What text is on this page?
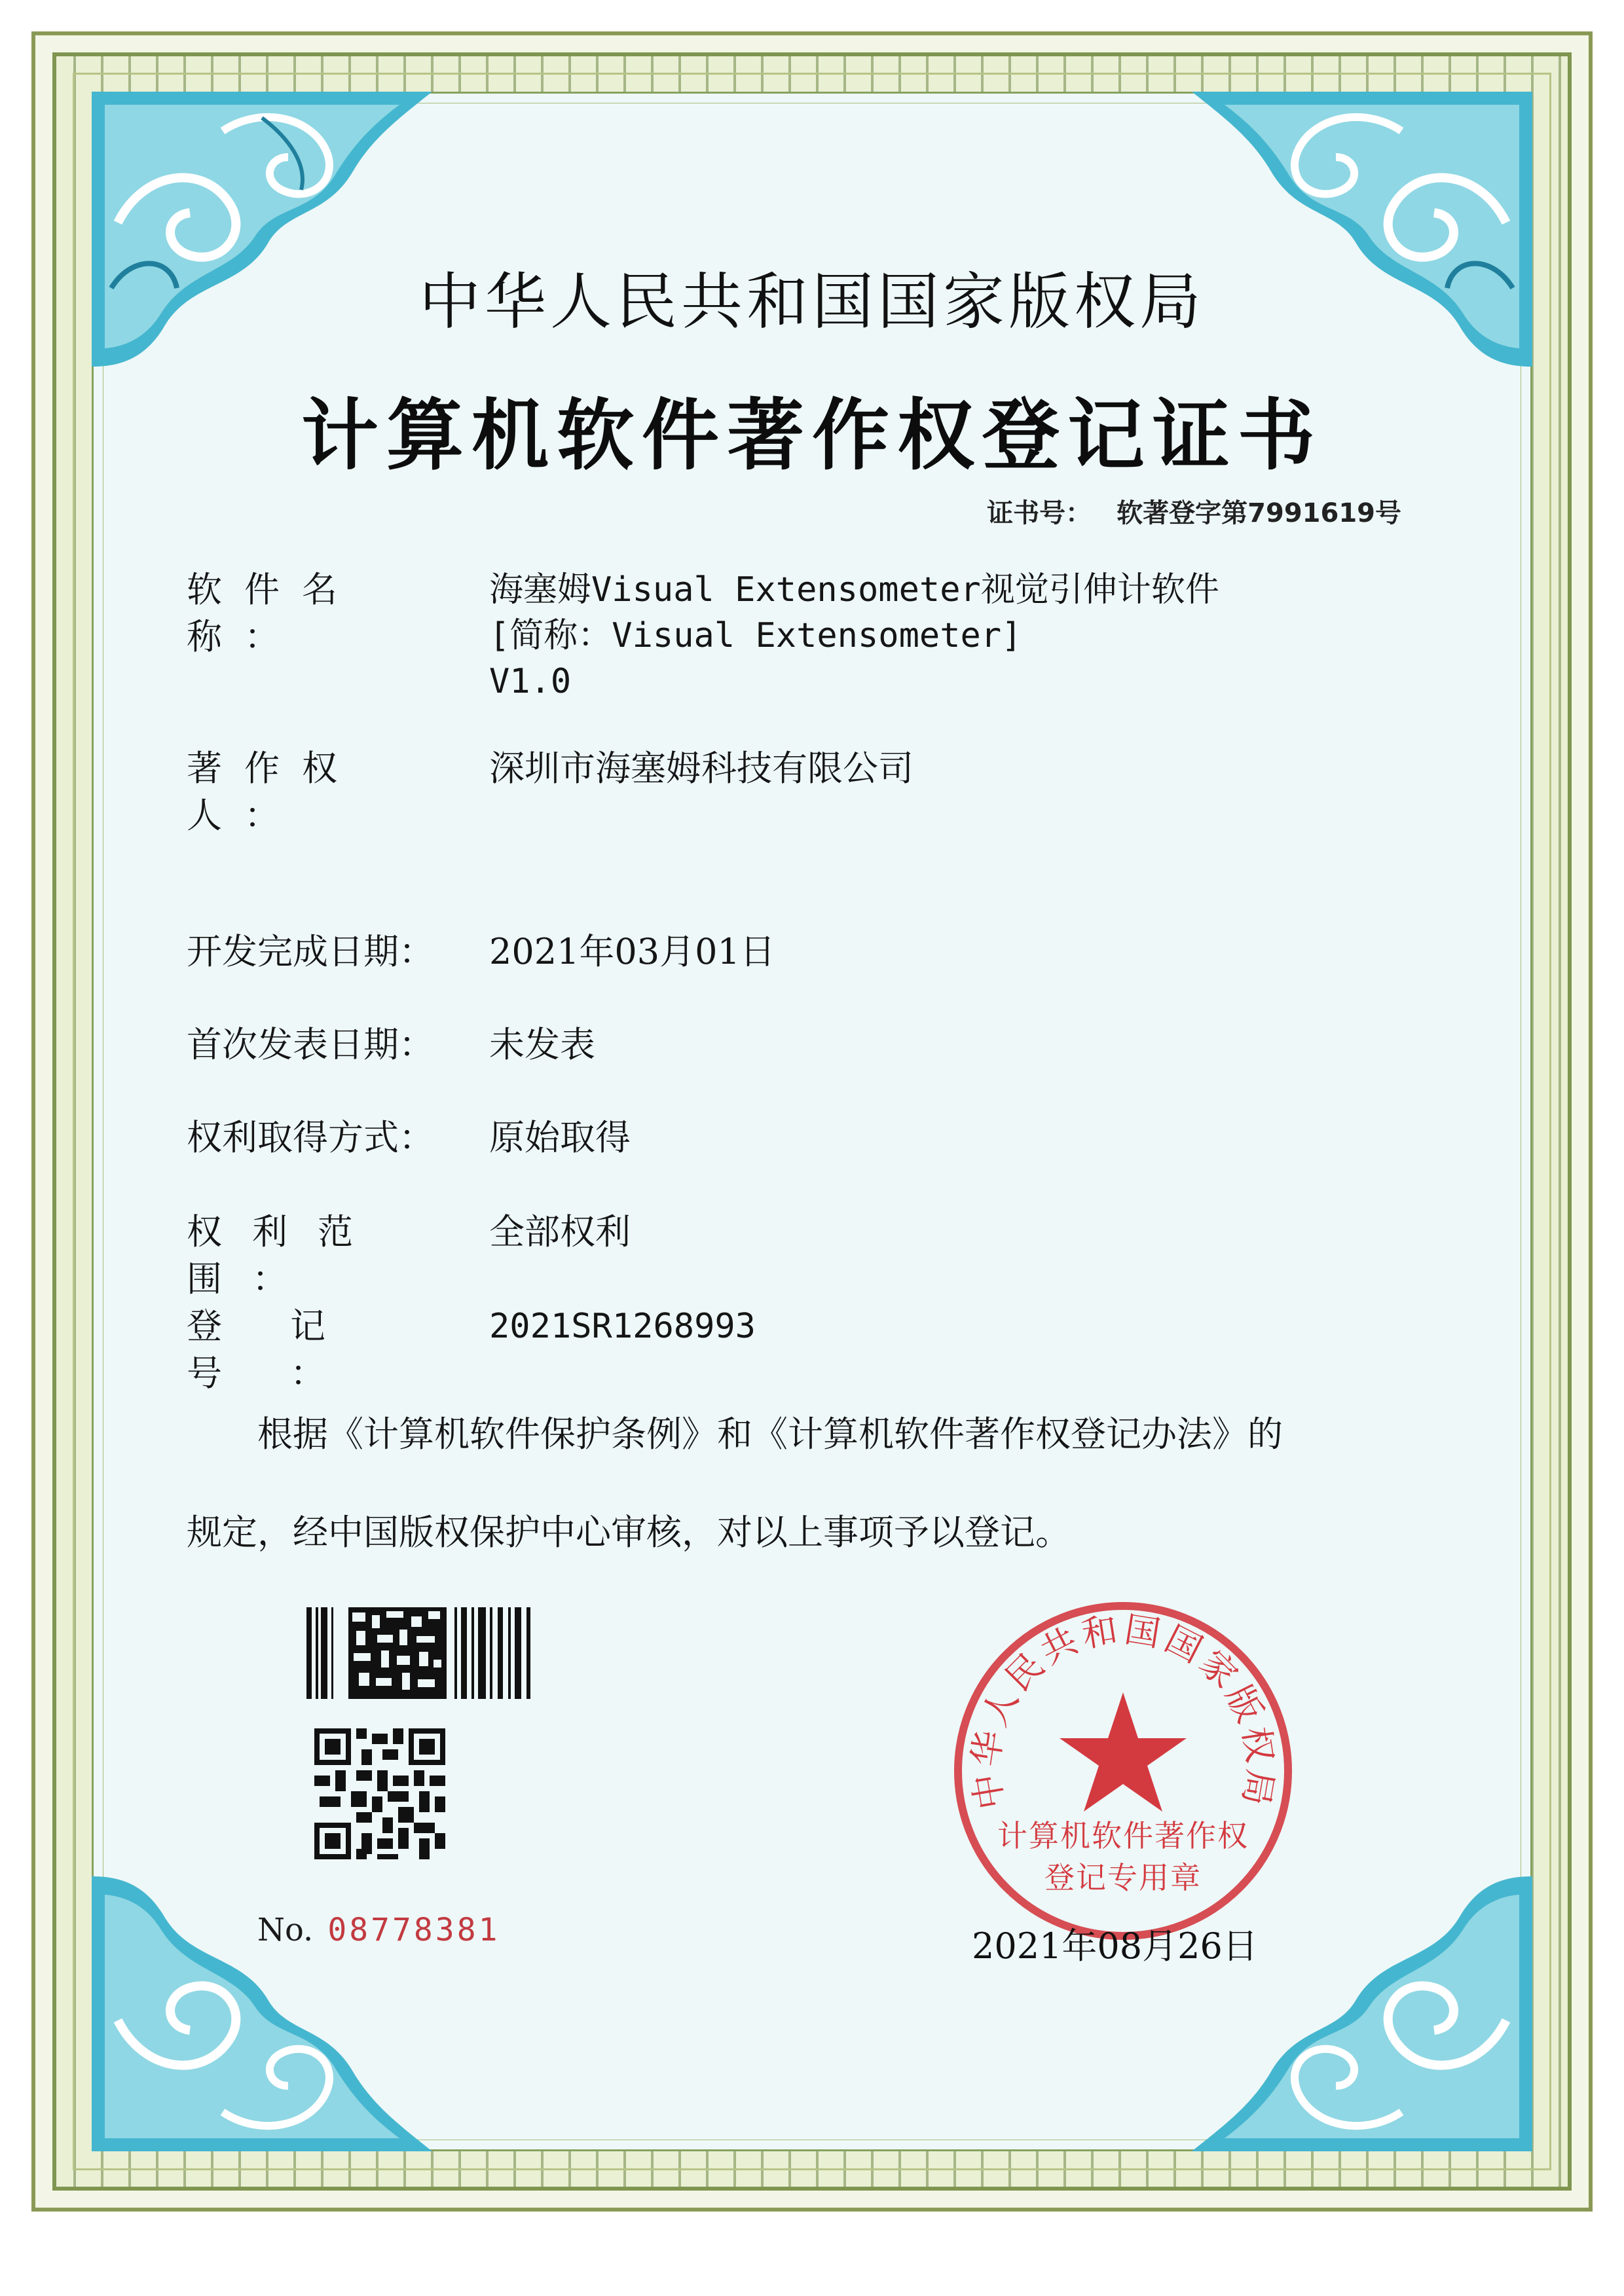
中华人民共和国国家版权局
计算机软件著作权登记证书
证书号： 软著登字第7991619号
软件名称：
海塞姆Visual Extensometer视觉引伸计软件
[简称：Visual Extensometer]
V1.0
著作权人：
深圳市海塞姆科技有限公司
开发完成日期：	2021年03月01日
首次发表日期：	未发表
权利取得方式：	原始取得
权利范围：
全部权利
登记号：
2021SR1268993
根据《计算机软件保护条例》和《计算机软件著作权登记办法》的
规定，经中国版权保护中心审核，对以上事项予以登记。
No. 08778381
中华人民共和国国家版权局
计算机软件著作权
登记专用章
2021年08月26日
